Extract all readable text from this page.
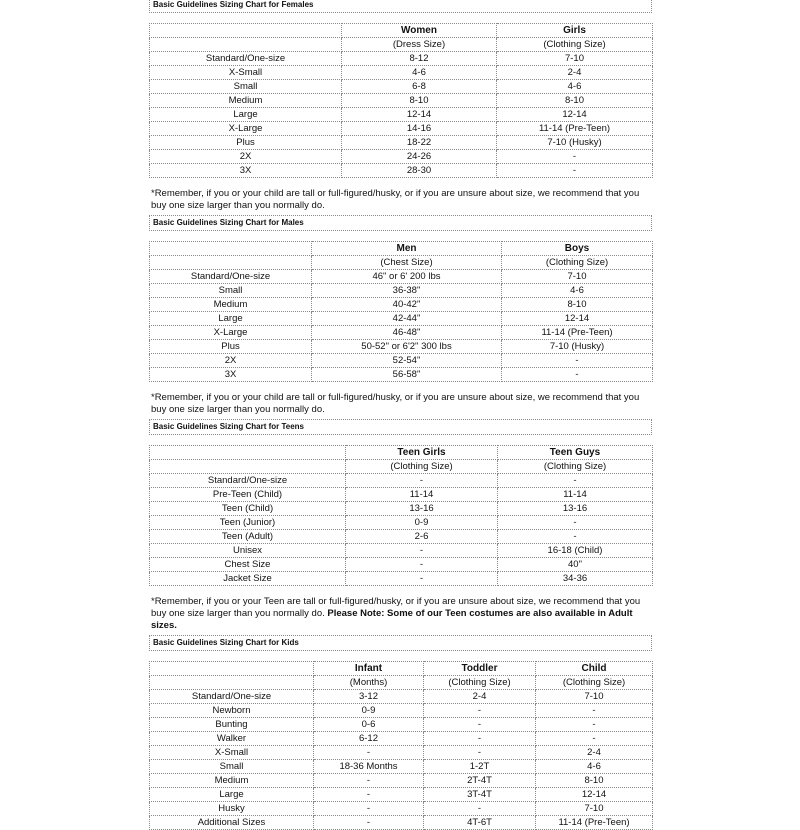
Basic Guidelines Sizing Chart for Females
	Women	Girls
	(Dress Size)	(Clothing Size)
Standard/One-size	8-12	7-10
X-Small	4-6	2-4
Small	6-8	4-6
Medium	8-10	8-10
Large	12-14	12-14
X-Large	14-16	11-14 (Pre-Teen)
Plus	18-22	7-10 (Husky)
2X	24-26	-
3X	28-30	-

*Remember, if you or your child are tall or full-figured/husky, or if you are unsure about size, we recommend that you buy one size larger than you normally do.

Basic Guidelines Sizing Chart for Males
	Men	Boys
	(Chest Size)	(Clothing Size)
Standard/One-size	46" or 6' 200 lbs	7-10
Small	36-38"	4-6
Medium	40-42"	8-10
Large	42-44"	12-14
X-Large	46-48"	11-14 (Pre-Teen)
Plus	50-52" or 6'2" 300 lbs	7-10 (Husky)
2X	52-54"	-
3X	56-58"	-

*Remember, if you or your child are tall or full-figured/husky, or if you are unsure about size, we recommend that you buy one size larger than you normally do.

Basic Guidelines Sizing Chart for Teens
	Teen Girls	Teen Guys
	(Clothing Size)	(Clothing Size)
Standard/One-size	-	-
Pre-Teen (Child)	11-14	11-14
Teen (Child)	13-16	13-16
Teen (Junior)	0-9	-
Teen (Adult)	2-6	-
Unisex	-	16-18 (Child)
Chest Size	-	40"
Jacket Size	-	34-36

*Remember, if you or your Teen are tall or full-figured/husky, or if you are unsure about size, we recommend that you buy one size larger than you normally do. Please Note: Some of our Teen costumes are also available in Adult sizes.

Basic Guidelines Sizing Chart for Kids
	Infant	Toddler	Child
	(Months)	(Clothing Size)	(Clothing Size)
Standard/One-size	3-12	2-4	7-10
Newborn	0-9	-	-
Bunting	0-6	-	-
Walker	6-12	-	-
X-Small	-	-	2-4
Small	18-36 Months	1-2T	4-6
Medium	-	2T-4T	8-10
Large	-	3T-4T	12-14
Husky	-	-	7-10
Additional Sizes	-	4T-6T	11-14 (Pre-Teen)
